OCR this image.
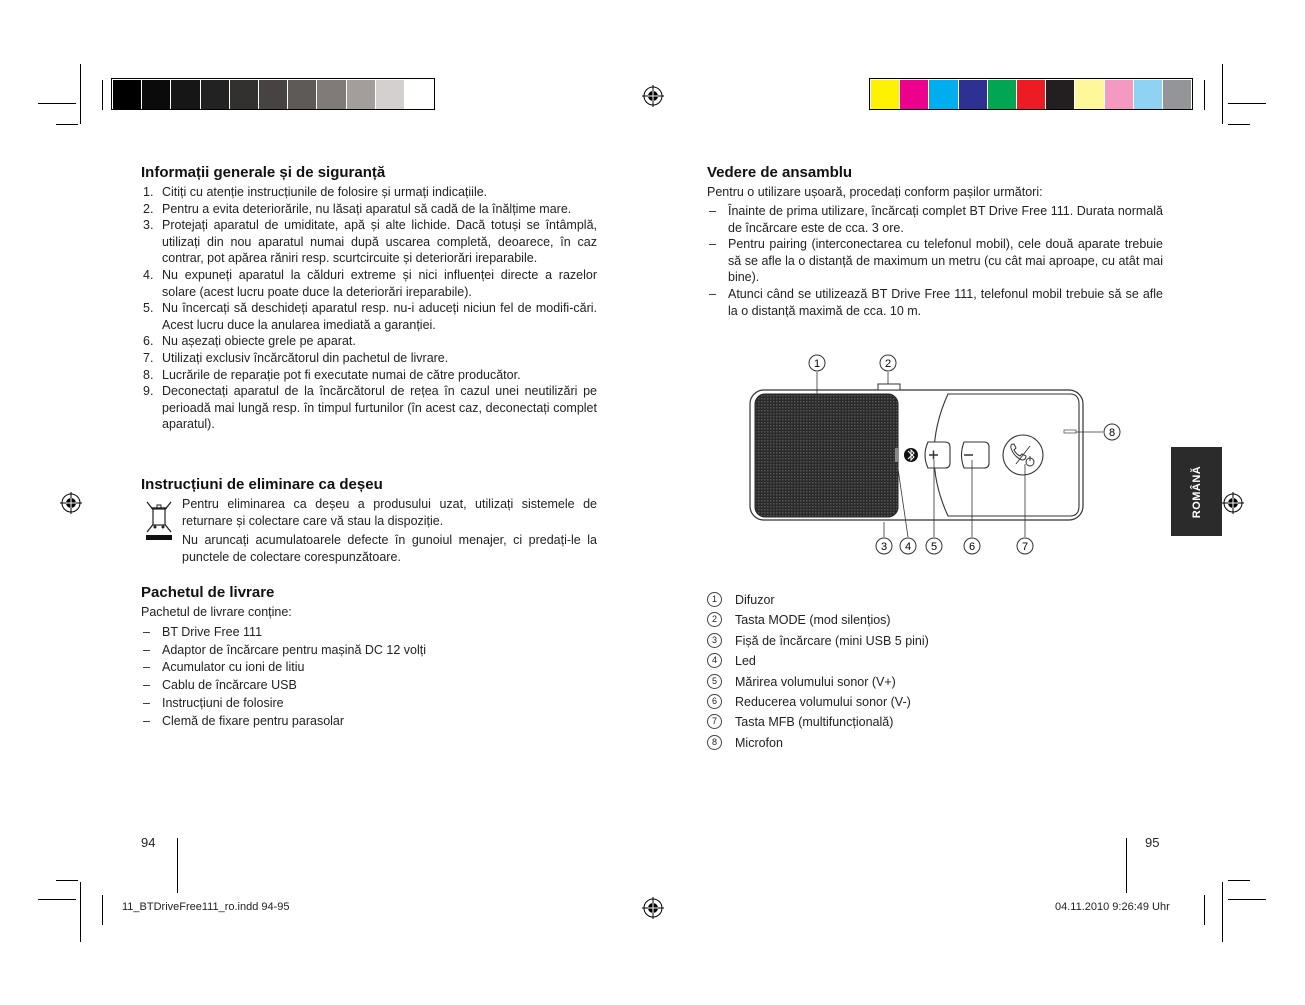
Informații generale și de siguranță
1. Citiți cu atenție instrucțiunile de folosire și urmați indicațiile.
2. Pentru a evita deteriorările, nu lăsați aparatul să cadă de la înălțime mare.
3. Protejați aparatul de umiditate, apă și alte lichide. Dacă totuși se întâmplă, utilizați din nou aparatul numai după uscarea completă, deoarece, în caz contrar, pot apărea răniri resp. scurtcircuite și deteriorări ireparabile.
4. Nu expuneți aparatul la călduri extreme și nici influenței directe a razelor solare (acest lucru poate duce la deteriorări ireparabile).
5. Nu încercați să deschideți aparatul resp. nu-i aduceți niciun fel de modifi-cări. Acest lucru duce la anularea imediată a garanției.
6. Nu așezați obiecte grele pe aparat.
7. Utilizați exclusiv încărcătorul din pachetul de livrare.
8. Lucrările de reparație pot fi executate numai de către producător.
9. Deconectați aparatul de la încărcătorul de rețea în cazul unei neutilizări pe perioadă mai lungă resp. în timpul furtunilor (în acest caz, deconectați complet aparatul).
Instrucțiuni de eliminare ca deșeu

Pentru eliminarea ca deșeu a produsului uzat, utilizați sistemele de returnare și colectare care vă stau la dispoziție.

Nu aruncați acumulatoarele defecte în gunoiul menajer, ci predați-le la punctele de colectare corespunzătoare.

Pachetul de livrare
Pachetul de livrare conține:
– BT Drive Free 111
– Adaptor de încărcare pentru mașină DC 12 volți
– Acumulator cu ioni de litiu
– Cablu de încărcare USB
– Instrucțiuni de folosire
– Clemă de fixare pentru parasolar
94
Vedere de ansamblu
Pentru o utilizare ușoară, procedați conform pașilor următori:
– Înainte de prima utilizare, încărcați complet BT Drive Free 111. Durata normală de încărcare este de cca. 3 ore.
– Pentru pairing (interconectarea cu telefonul mobil), cele două aparate trebuie să se afle la o distanță de maximum un metru (cu cât mai aproape, cu atât mai bine).
– Atunci când se utilizează BT Drive Free 111, telefonul mobil trebuie să se afle la o distanță maximă de cca. 10 m.
1	2
8
3 4 5	6	7
1	Difuzor
2	Tasta MODE (mod silențios)
3	Fișă de încărcare (mini USB 5 pini)
4	Led
5	Mărirea volumului sonor (V+)
6	Reducerea volumului sonor (V-)
7	Tasta MFB (multifuncțională)
8	Microfon
95
ROMÂNĂ
11_BTDriveFree111_ro.indd 94-95	04.11.2010 9:26:49 Uhr
